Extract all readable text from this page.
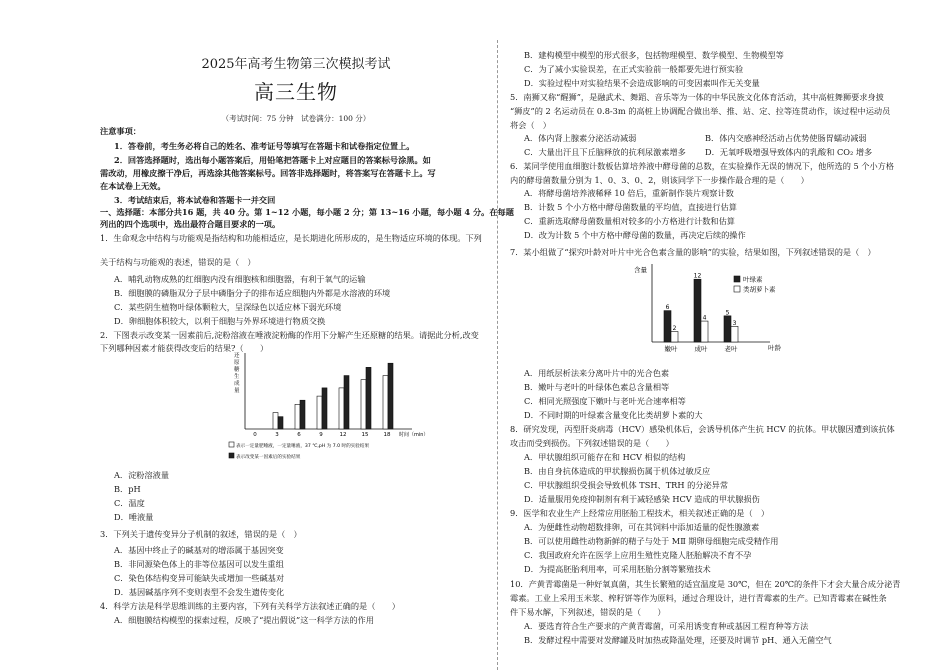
2025年高考生物第三次模拟考试
高三生物
（考试时间：75 分钟　试卷满分：100 分）
注意事项：
1．答卷前，考生务必将自己的姓名、准考证号等填写在答题卡和试卷指定位置上。
2．回答选择题时，选出每小题答案后，用铅笔把答题卡上对应题目的答案标号涂黑。如
需改动，用橡皮擦干净后，再选涂其他答案标号。回答非选择题时，将答案写在答题卡上。写
在本试卷上无效。
3．考试结束后，将本试卷和答题卡一并交回
一、选择题：本部分共16 题，共 40 分。第 1~12 小题，每小题 2 分；第 13~16 小题，每小题 4 分。在每题
列出的四个选项中，选出最符合题目要求的一项。
1．生命观念中结构与功能观是指结构和功能相适应，是长期进化所形成的，是生物适应环境的体现。下列
关于结构与功能观的表述，错误的是（　）
A．哺乳动物成熟的红细胞内没有细胞核和细胞器，有利于氧气的运输
B．细胞膜的磷脂双分子层中磷脂分子的排布适应细胞内外都是水溶液的环境
C．某些阴生植物叶绿体颗粒大，呈深绿色以适应林下弱光环境
D．卵细胞体积较大，以利于细胞与外界环境进行物质交换
2．下图表示改变某一因素前后,淀粉溶液在唾液淀粉酶的作用下分解产生还原糖的结果。请据此分析,改变
下列哪种因素才能获得改变后的结果?（　　）
还原糖生成量
0	3	6	9	12	15	18 时间（min）
表示一定量肥唾液，一定量唾液，37 ℃,pH 为 7.0 时的实验结果
表示改变某一因素后的实验结果
A．淀粉溶液量
B．pH
C．温度
D．唾液量
3．下列关于遗传变异分子机制的叙述，错误的是（　）
A．基因中终止子的碱基对的增添属于基因突变
B．非同源染色体上的非等位基因可以发生重组
C．染色体结构变异可能缺失或增加一些碱基对
D．基因碱基序列不变则表型不会发生遗传变化
4．科学方法是科学思维训练的主要内容，下列有关科学方法叙述正确的是（　　）
A．细胞膜结构模型的探索过程，反映了“提出假说”这一科学方法的作用
B．建构模型中模型的形式很多，包括物理模型、数学模型、生物模型等
C．为了减小实验误差，在正式实验前一般都要先进行预实验
D．实验过程中对实验结果不会造成影响的可变因素叫作无关变量
5．南狮又称“醒狮”，是融武术、舞蹈、音乐等为一体的中华民族文化体育活动，其中高桩舞狮要求身披
“狮皮”的 2 名运动员在 0.8-3m 的高桩上协调配合做出举、推、站、定、拉等连贯动作，该过程中运动员
将会（　）
A．体内肾上腺素分泌活动减弱	B．体内交感神经活动占优势使肠胃蠕动减弱
C．大量出汗且下丘脑释放的抗利尿激素增多 D．无氧呼吸增强导致体内的乳酸和 CO₂ 增多
6．某同学使用血细胞计数板估算培养液中酵母菌的总数，在实验操作无误的情况下，他所选的 5 个小方格
内的酵母菌数量分别为 1、0、3、0、2，则该同学下一步操作最合理的是（　　）
A．将酵母菌培养液稀释 10 倍后，重新制作装片观察计数
B．计数 5 个小方格中酵母菌数量的平均值，直接进行估算
C．重新选取酵母菌数量相对较多的小方格进行计数和估算
D．改为计数 5 个中方格中酵母菌的数量，再决定后续的操作
7．某小组做了“探究叶龄对叶片中光合色素含量的影响”的实验，结果如图，下列叙述错误的是（　）
含量
叶龄
6
2
嫩叶
12
4
成叶
5
3
老叶
叶绿素
类胡萝卜素
A．用纸层析法来分离叶片中的光合色素
B．嫩叶与老叶的叶绿体色素总含量相等
C．相同光照强度下嫩叶与老叶光合速率相等
D．不同时期的叶绿素含量变化比类胡萝卜素的大
8．研究发现，丙型肝炎病毒（HCV）感染机体后，会诱导机体产生抗 HCV 的抗体。甲状腺因遭到该抗体
攻击而受到损伤。下列叙述错误的是（　　）
A．甲状腺组织可能存在和 HCV 相似的结构
B．由自身抗体造成的甲状腺损伤属于机体过敏反应
C．甲状腺组织受损会导致机体 TSH、TRH 的分泌异常
D．适量服用免疫抑制剂有利于减轻感染 HCV 造成的甲状腺损伤
9．医学和农业生产上经常应用胚胎工程技术，相关叙述正确的是（　）
A．为便雌性动物超数排卵，可在其饲料中添加适量的促性腺激素
B．可以使用雌性动物新鲜的精子与处于 MⅡ 期卵母细胞完成受精作用
C．我国政府允许在医学上应用生殖性克隆人胚胎解决不育不孕
D．为提高胚胎利用率，可采用胚胎分割等繁殖技术
10．产黄青霉菌是一种好氧真菌，其生长繁殖的适宜温度是 30℃，但在 20℃的条件下才会大量合成分泌青
霉素。工业上采用玉米浆、榨籽饼等作为原料，通过合理设计，进行青霉素的生产。已知青霉素在碱性条
件下易水解，下列叙述，错误的是（　　）
A．要选育符合生产要求的产黄青霉菌，可采用诱变育种或基因工程育种等方法
B．发酵过程中需要对发酵罐及时加热或降温处理，还要及时调节 pH、通入无菌空气
